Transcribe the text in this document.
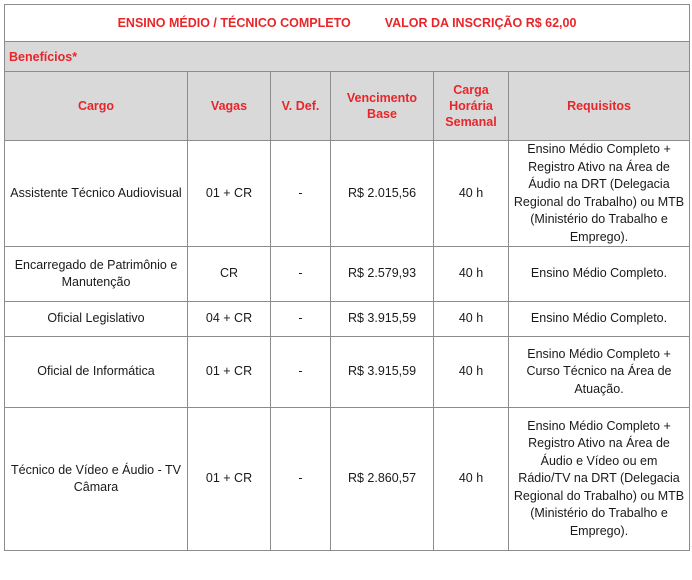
ENSINO MÉDIO / TÉCNICO COMPLETO VALOR DA INSCRIÇÃO R$ 62,00					
Benefícios*					
Cargo	Vagas	V. Def.	Vencimento Base	Carga Horária Semanal	Requisitos
Assistente Técnico Audiovisual	01 + CR	-	R$ 2.015,56	40 h	Ensino Médio Completo + Registro Ativo na Área de Áudio na DRT (Delegacia Regional do Trabalho) ou MTB (Ministério do Trabalho e Emprego).
Encarregado de Patrimônio e Manutenção	CR	-	R$ 2.579,93	40 h	Ensino Médio Completo.
Oficial Legislativo	04 + CR	-	R$ 3.915,59	40 h	Ensino Médio Completo.
Oficial de Informática	01 + CR	-	R$ 3.915,59	40 h	Ensino Médio Completo + Curso Técnico na Área de Atuação.
Técnico de Vídeo e Áudio - TV Câmara	01 + CR	-	R$ 2.860,57	40 h	Ensino Médio Completo + Registro Ativo na Área de Áudio e Vídeo ou em Rádio/TV na DRT (Delegacia Regional do Trabalho) ou MTB (Ministério do Trabalho e Emprego).
